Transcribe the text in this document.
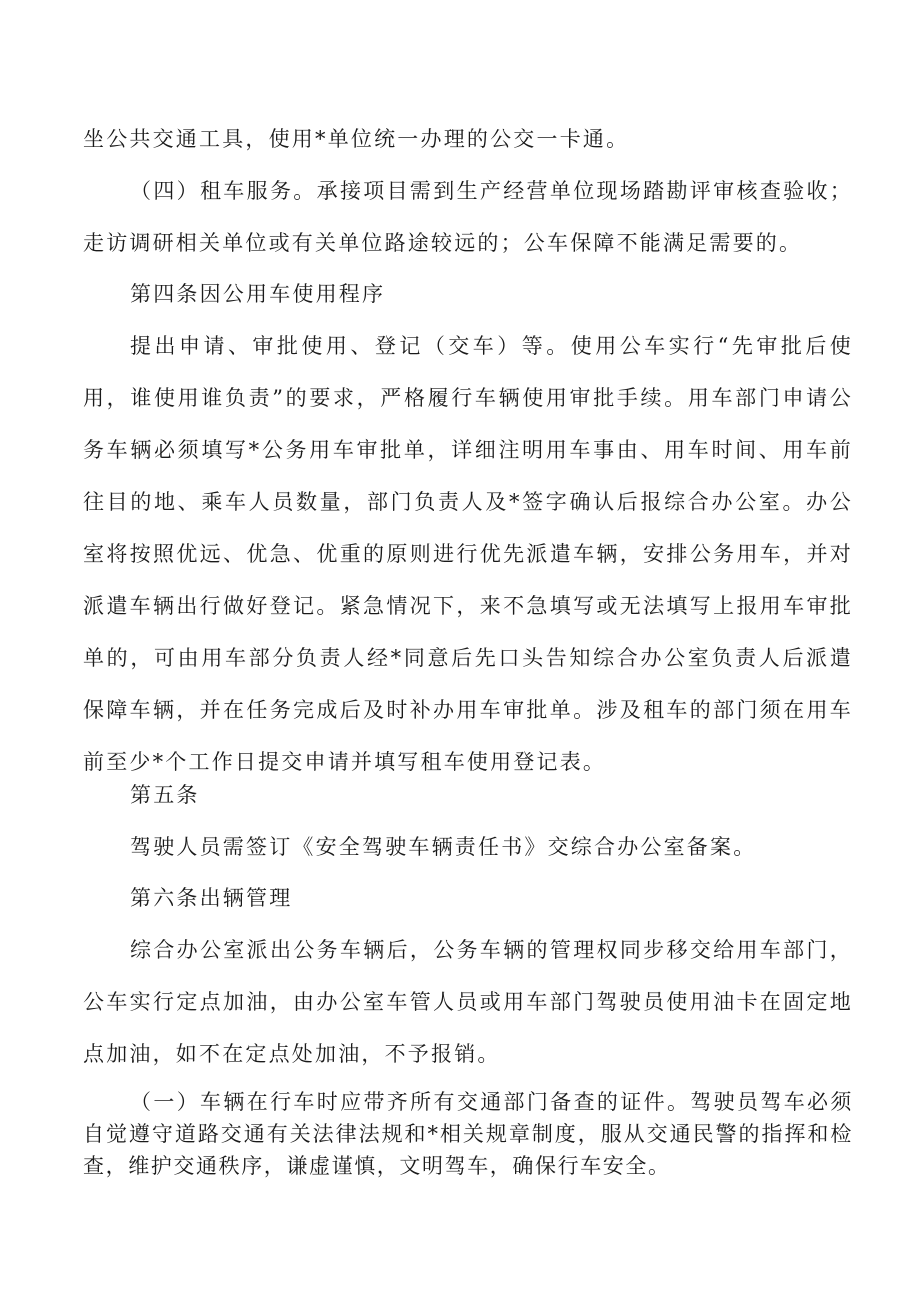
坐公共交通工具，使用*单位统一办理的公交一卡通。

（四）租车服务。承接项目需到生产经营单位现场踏勘评审核查验收；走访调研相关单位或有关单位路途较远的；公车保障不能满足需要的。

第四条因公用车使用程序

提出申请、审批使用、登记（交车）等。使用公车实行“先审批后使用，谁使用谁负责”的要求，严格履行车辆使用审批手续。用车部门申请公务车辆必须填写*公务用车审批单，详细注明用车事由、用车时间、用车前往目的地、乘车人员数量，部门负责人及*签字确认后报综合办公室。办公室将按照优远、优急、优重的原则进行优先派遣车辆，安排公务用车，并对派遣车辆出行做好登记。紧急情况下，来不急填写或无法填写上报用车审批单的，可由用车部分负责人经*同意后先口头告知综合办公室负责人后派遣保障车辆，并在任务完成后及时补办用车审批单。涉及租车的部门须在用车前至少*个工作日提交申请并填写租车使用登记表。

第五条

驾驶人员需签订《安全驾驶车辆责任书》交综合办公室备案。

第六条出辆管理

综合办公室派出公务车辆后，公务车辆的管理权同步移交给用车部门，公车实行定点加油，由办公室车管人员或用车部门驾驶员使用油卡在固定地点加油，如不在定点处加油，不予报销。

（一）车辆在行车时应带齐所有交通部门备查的证件。驾驶员驾车必须自觉遵守道路交通有关法律法规和*相关规章制度，服从交通民警的指挥和检查，维护交通秩序，谦虚谨慎，文明驾车，确保行车安全。
